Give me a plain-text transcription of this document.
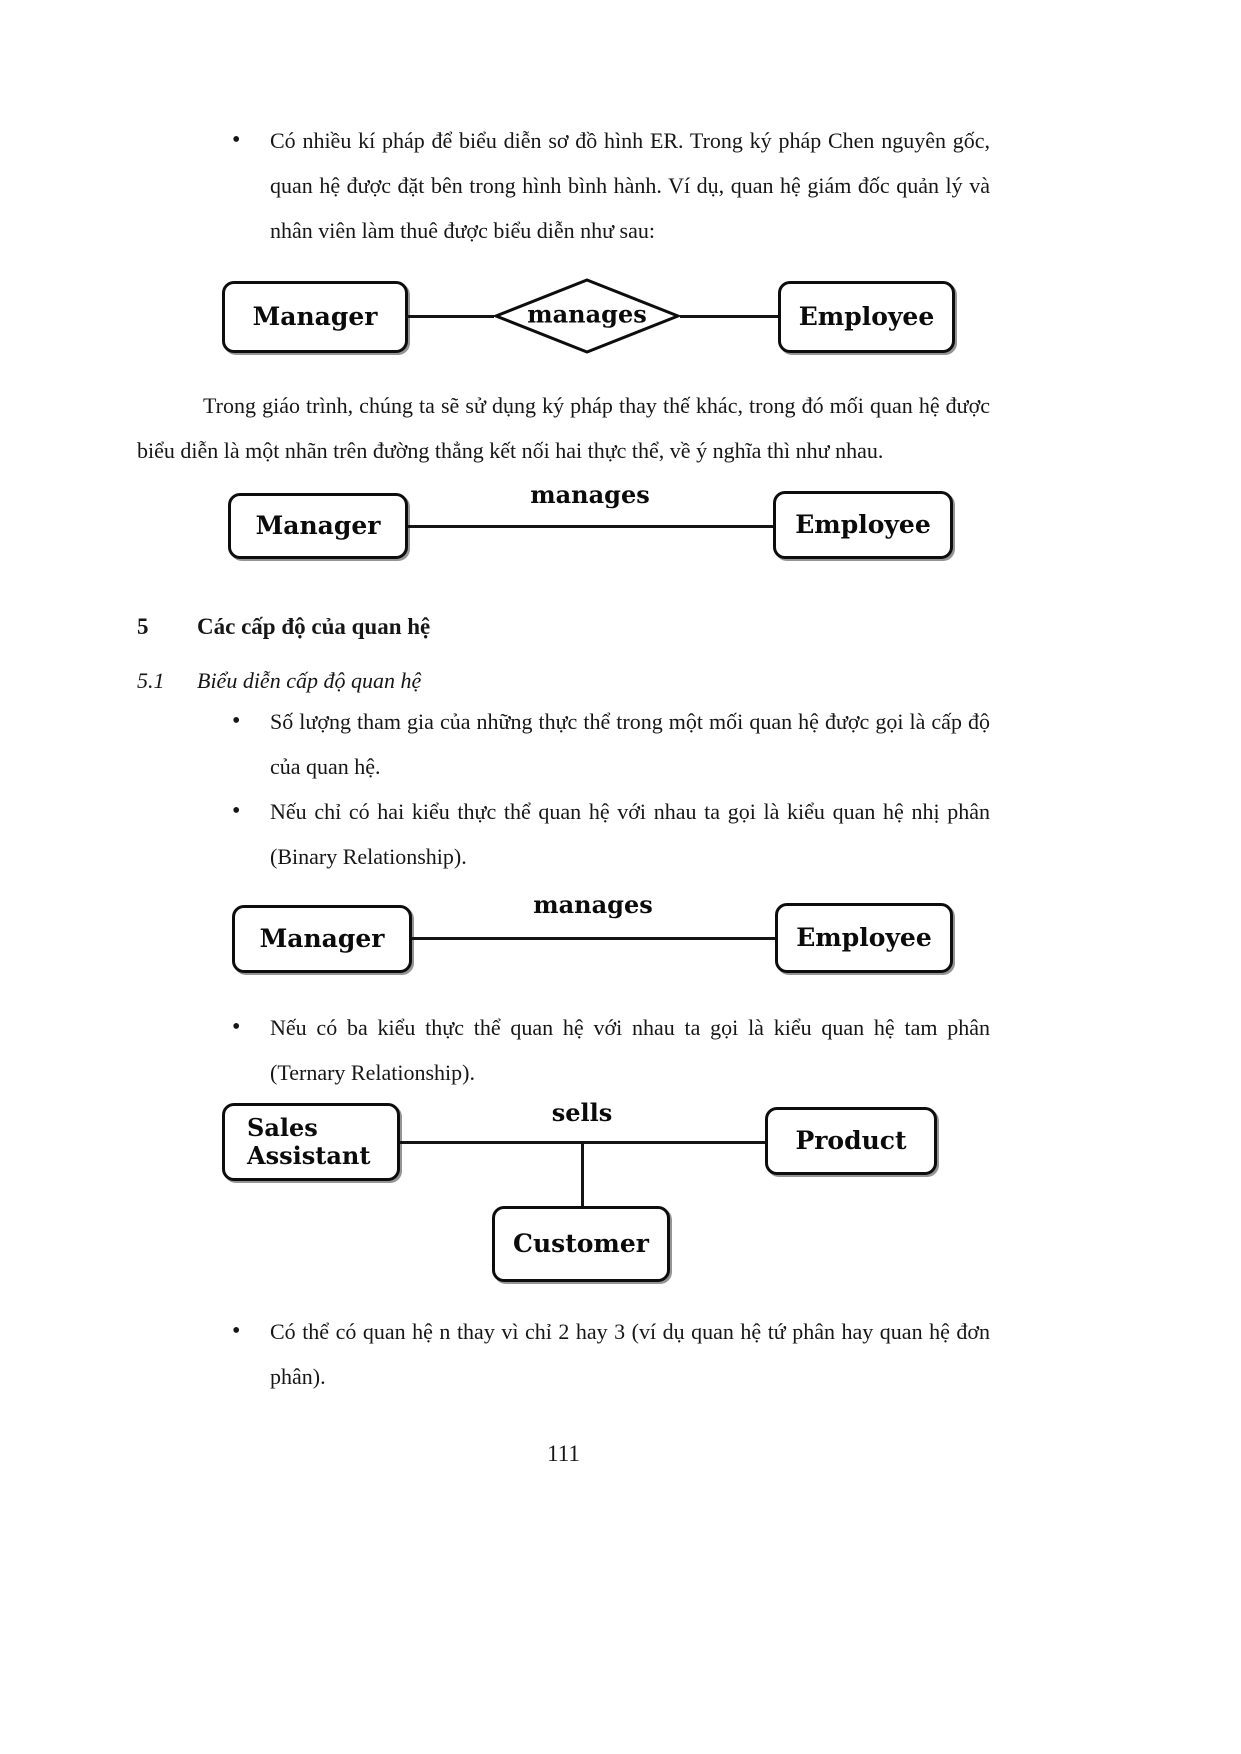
• Có nhiều kí pháp để biểu diễn sơ đồ hình ER. Trong ký pháp Chen nguyên gốc, quan hệ được đặt bên trong hình bình hành. Ví dụ, quan hệ giám đốc quản lý và nhân viên làm thuê được biểu diễn như sau:
Manager	manages	Employee

Trong giáo trình, chúng ta sẽ sử dụng ký pháp thay thế khác, trong đó mối quan hệ được biểu diễn là một nhãn trên đường thẳng kết nối hai thực thể, về ý nghĩa thì như nhau.

Manager
manages
Employee
5	Các cấp độ của quan hệ
5.1	Biểu diễn cấp độ quan hệ
• Số lượng tham gia của những thực thể trong một mối quan hệ được gọi là cấp độ của quan hệ.
• Nếu chỉ có hai kiểu thực thể quan hệ với nhau ta gọi là kiểu quan hệ nhị phân (Binary Relationship).
Manager
manages
Employee
• Nếu có ba kiểu thực thể quan hệ với nhau ta gọi là kiểu quan hệ tam phân (Ternary Relationship).
Sales
Assistant
sells
Product
Customer
• Có thể có quan hệ n thay vì chỉ 2 hay 3 (ví dụ quan hệ tứ phân hay quan hệ đơn phân).
111
